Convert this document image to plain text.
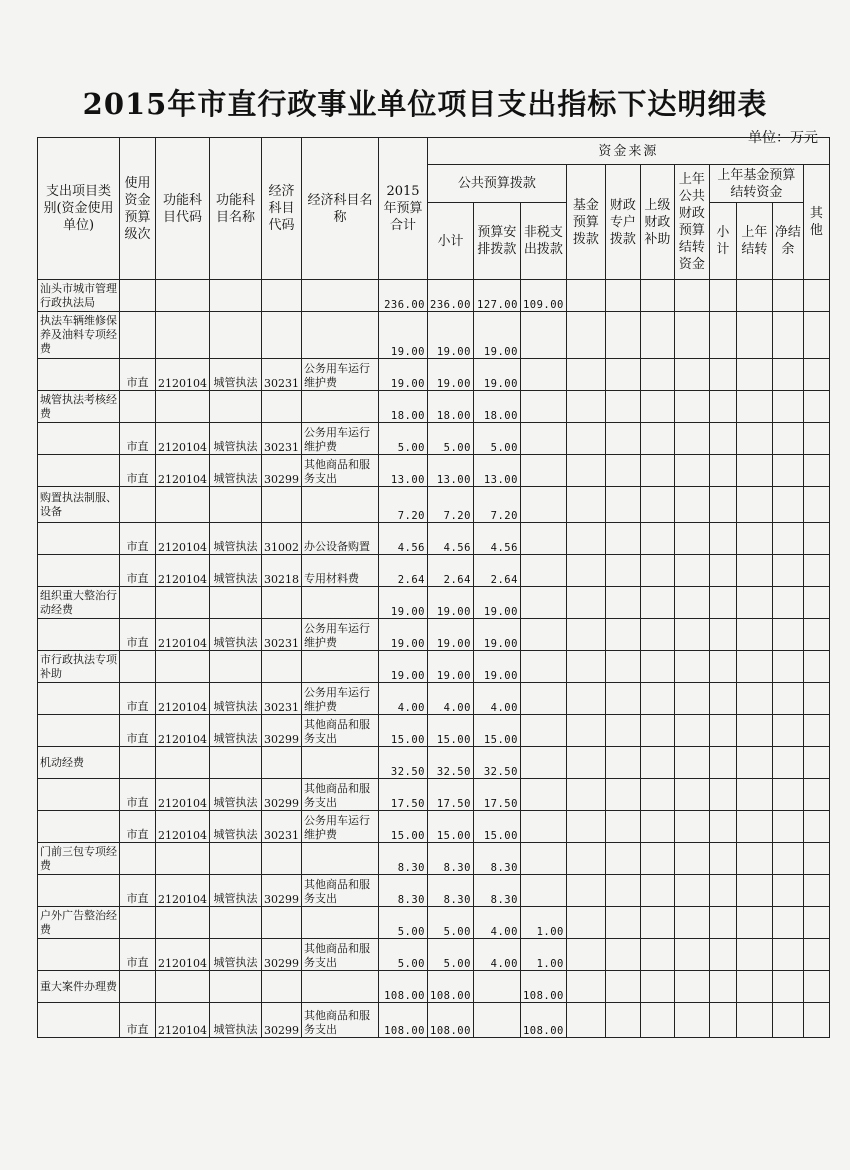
2015年市直行政事业单位项目支出指标下达明细表
单位：万元
支出项目类别(资金使用单位)	使用资金预算级次	功能科目代码	功能科目名称	经济科目代码	经济科目名称	2015年预算合计	资金来源										
							公共预算拨款			基金预算拨款	财政专户拨款	上级财政补助	上年公共财政预算结转资金	上年基金预算结转资金			其他
							小计	预算安排拨款	非税支出拨款					小计	上年结转	净结余	
汕头市城市管理行政执法局						236.00	236.00	127.00	109.00								
执法车辆维修保养及油料专项经费						19.00	19.00	19.00									
	市直	2120104	城管执法	30231	公务用车运行维护费	19.00	19.00	19.00									
城管执法考核经费						18.00	18.00	18.00									
	市直	2120104	城管执法	30231	公务用车运行维护费	5.00	5.00	5.00									
	市直	2120104	城管执法	30299	其他商品和服务支出	13.00	13.00	13.00									
购置执法制服、设备						7.20	7.20	7.20									
	市直	2120104	城管执法	31002	办公设备购置	4.56	4.56	4.56									
	市直	2120104	城管执法	30218	专用材料费	2.64	2.64	2.64									
组织重大整治行动经费						19.00	19.00	19.00									
	市直	2120104	城管执法	30231	公务用车运行维护费	19.00	19.00	19.00									
市行政执法专项补助						19.00	19.00	19.00									
	市直	2120104	城管执法	30231	公务用车运行维护费	4.00	4.00	4.00									
	市直	2120104	城管执法	30299	其他商品和服务支出	15.00	15.00	15.00									
机动经费						32.50	32.50	32.50									
	市直	2120104	城管执法	30299	其他商品和服务支出	17.50	17.50	17.50									
	市直	2120104	城管执法	30231	公务用车运行维护费	15.00	15.00	15.00									
门前三包专项经费						8.30	8.30	8.30									
	市直	2120104	城管执法	30299	其他商品和服务支出	8.30	8.30	8.30									
户外广告整治经费						5.00	5.00	4.00	1.00								
	市直	2120104	城管执法	30299	其他商品和服务支出	5.00	5.00	4.00	1.00								
重大案件办理费						108.00	108.00		108.00								
	市直	2120104	城管执法	30299	其他商品和服务支出	108.00	108.00		108.00								
